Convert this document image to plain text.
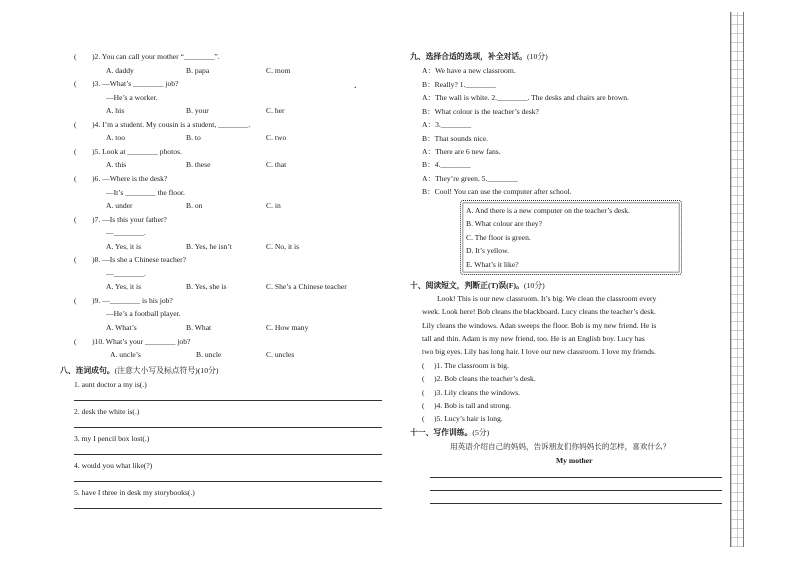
( )2. You can call your mother “________”.
A. daddy	B. papa	C. mom
( )3. —What’s ________ job?
—He’s a worker.
A. his	B. your	C. her
( )4. I’m a student. My cousin is a student, ________.
A. too	B. to	C. two
( )5. Look at ________ photos.
A. this	B. these	C. that
( )6. —Where is the desk?
—It’s ________ the floor.
A. under	B. on	C. in
( )7. —Is this your father?
—________.
A. Yes, it is	B. Yes, he isn’t	C. No, it is
( )8. —Is she a Chinese teacher?
—________.
A. Yes, it is	B. Yes, she is	C. She’s a Chinese teacher
( )9. —________ is his job?
—He’s a football player.
A. What’s	B. What	C. How many
( )10. What’s your ________ job?
A. uncle’s	B. uncle	C. uncles
八、连词成句。(注意大小写及标点符号)(10分)
1. aunt doctor a my is(.)
2. desk the white is(.)
3. my I pencil box lost(.)
4. would you what like(?)
5. have I three in desk my storybooks(.)
九、选择合适的选项，补全对话。(10分)
A：We have a new classroom.
B：Really? 1.________
A：The wall is white. 2.________. The desks and chairs are brown.
B：What colour is the teacher’s desk?
A：3.________
B：That sounds nice.
A：There are 6 new fans.
B：4.________
A：They’re green. 5.________
B：Cool! You can use the computer after school.
A. And there is a new computer on the teacher’s desk.
B. What colour are they?
C. The floor is green.
D. It’s yellow.
E. What’s it like?
十、阅读短文，判断正(T)误(F)。(10分)
Look! This is our new classroom. It’s big. We clean the classroom every
week. Look here! Bob cleans the blackboard. Lucy cleans the teacher’s desk.
Lily cleans the windows. Adan sweeps the floor. Bob is my new friend. He is
tall and thin. Adam is my new friend, too. He is an English boy. Lucy has
two big eyes. Lily has long hair. I love our new classroom. I love my friends.
(     )1. The classroom is big.
(     )2. Bob cleans the teacher’s desk.
(     )3. Lily cleans the windows.
(     )4. Bob is tall and strong.
(     )5. Lucy’s hair is long.
十一、写作训练。(5分)
用英语介绍自己的妈妈，告诉朋友们你妈妈长的怎样，喜欢什么？
My mother
.
